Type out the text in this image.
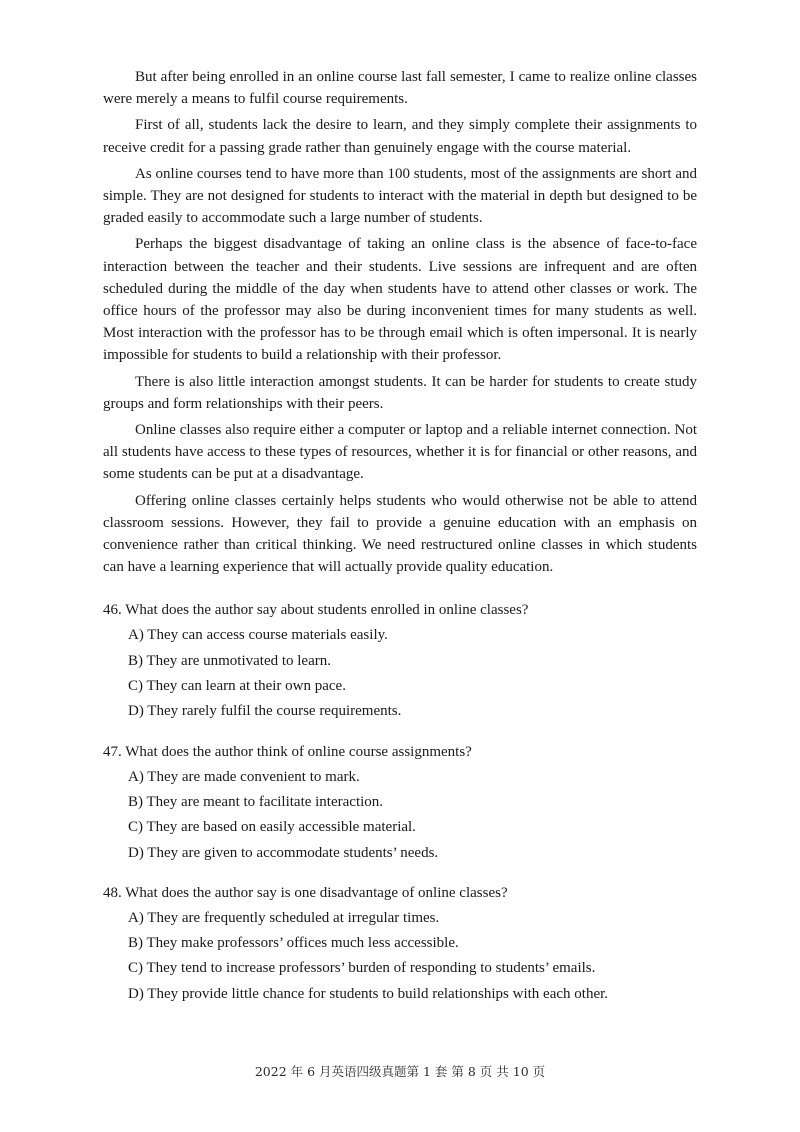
But after being enrolled in an online course last fall semester, I came to realize online classes were merely a means to fulfil course requirements.

First of all, students lack the desire to learn, and they simply complete their assignments to receive credit for a passing grade rather than genuinely engage with the course material.

As online courses tend to have more than 100 students, most of the assignments are short and simple. They are not designed for students to interact with the material in depth but designed to be graded easily to accommodate such a large number of students.

Perhaps the biggest disadvantage of taking an online class is the absence of face-to-face interaction between the teacher and their students. Live sessions are infrequent and are often scheduled during the middle of the day when students have to attend other classes or work. The office hours of the professor may also be during inconvenient times for many students as well. Most interaction with the professor has to be through email which is often impersonal. It is nearly impossible for students to build a relationship with their professor.

There is also little interaction amongst students. It can be harder for students to create study groups and form relationships with their peers.

Online classes also require either a computer or laptop and a reliable internet connection. Not all students have access to these types of resources, whether it is for financial or other reasons, and some students can be put at a disadvantage.

Offering online classes certainly helps students who would otherwise not be able to attend classroom sessions. However, they fail to provide a genuine education with an emphasis on convenience rather than critical thinking. We need restructured online classes in which students can have a learning experience that will actually provide quality education.

46. What does the author say about students enrolled in online classes?

A) They can access course materials easily.
B) They are unmotivated to learn.
C) They can learn at their own pace.
D) They rarely fulfil the course requirements.

47. What does the author think of online course assignments?

A) They are made convenient to mark.
B) They are meant to facilitate interaction.
C) They are based on easily accessible material.
D) They are given to accommodate students’ needs.

48. What does the author say is one disadvantage of online classes?

A) They are frequently scheduled at irregular times.
B) They make professors’ offices much less accessible.
C) They tend to increase professors’ burden of responding to students’ emails.
D) They provide little chance for students to build relationships with each other.
2022 年 6 月英语四级真题第 1 套 第 8 页 共 10 页
